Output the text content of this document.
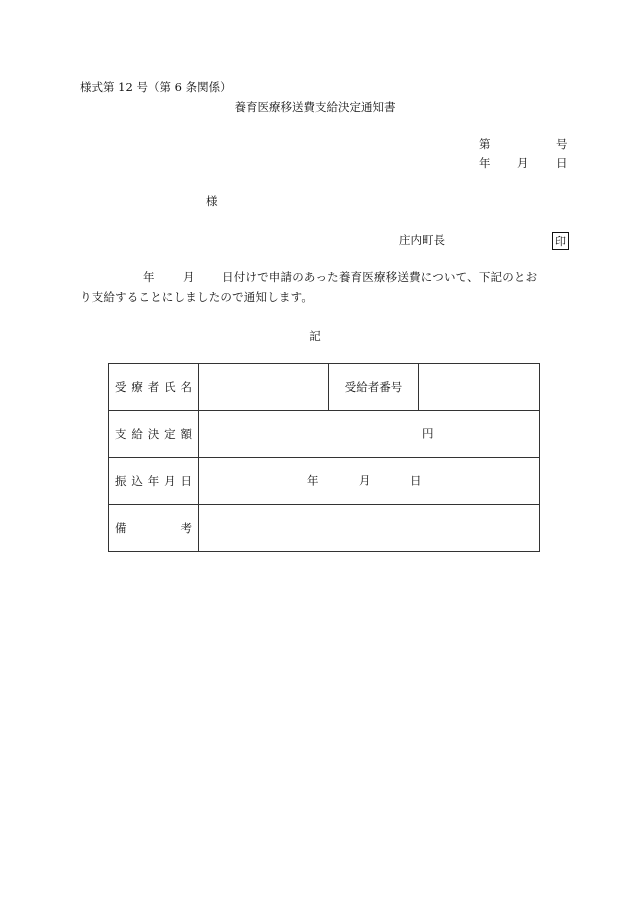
様式第 12 号（第 6 条関係）
養育医療移送費支給決定通知書
第	号
年 月 日
様
庄内町長	印
年 月 日付けで申請のあった養育医療移送費について、下記のとお
り支給することにしましたので通知します。
記
受療者氏名		受給者番号	
支給決定額	円		

振込年月日	年 月 日		

備考			
